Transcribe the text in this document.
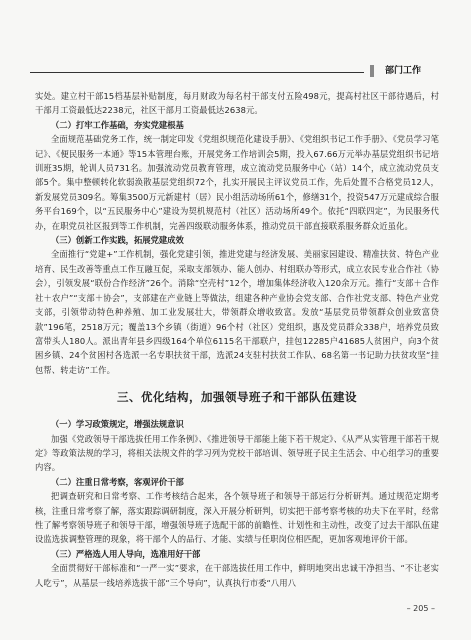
部门工作

实处。建立村干部15档基层补贴制度，每月财政为每名村干部支付五险498元，提高村社区干部待遇后，村干部月工资最低达2238元，社区干部月工资最低达2638元。

（二）打牢工作基础，夯实党建根基

全面规范基础党务工作，统一制定印发《党组织规范化建设手册》、《党组织书记工作手册》、《党员学习笔记》、《便民服务一本通》等15本管理台账，开展党务工作培训会5期，投入67.66万元举办基层党组织书记培训班35期，轮训人员731名。加强流动党员教育管理，成立流动党员服务中心（站）14个，成立流动党员支部5个。集中整顿转化软弱涣散基层党组织72个，扎实开展民主评议党员工作，先后处置不合格党员12人，新发展党员309名。筹集3500万元新建村（居）民小组活动场所61个，修缮31个，投资547万元建成综合服务平台169个，以“五民服务中心”建设为契机规范村（社区）活动场所49个。依托“四联四定”，为民服务代办，在职党员社区报到等工作机制，完善四级联动服务体系，推动党员干部直接联系服务群众近虽化。

（三）创新工作实践，拓展党建成效

全面推行“党建+”工作机制，强化党建引领，推进党建与经济发展、美丽家园建设、精准扶贫、特色产业培育、民生改善等重点工作互融互促，采取支部领办、能人创办、村组联办等形式，成立农民专业合作社（协会），引领发展“联份合作经济”26个。消除“空壳村”12个，增加集体经济收入120余万元。推行“支部＋合作社＋农户”“支部＋协会”，支部建在产业链上等做法，组建各种产业协会党支部、合作社党支部、特色产业党支部，引领带动特色种养殖、加工业发展壮大，带领群众增收致富。发放“基层党员带领群众创业致富贷款”196笔，2518万元；覆盖13个乡镇（街道）96个村（社区）党组织，惠及党员群众338户，培养党员致富带头人180人。派出青年县乡四级164个单位6115名干部联户，挂包12285户41685人贫困户，向3个贫困乡镇、24个贫困村各选派一名专职扶贫干部，选派24支驻村扶贫工作队、68名第一书记助力扶贫攻坚“挂包帮、转走访”工作。

三、优化结构，加强领导班子和干部队伍建设
（一）学习政策规定，增强法规意识

加强《党政领导干部选拔任用工作条例》、《推进领导干部能上能下若干规定》、《从严从实管理干部若干规定》等政策法规的学习，将相关法规文件的学习列为党校干部培训、领导班子民主生活会、中心组学习的重要内容。

（二）注重日常考察，客观评价干部

把调查研究和日常考察、工作考核结合起来，各个领导班子和领导干部运行分析研判。通过规范定期考核，注重日常考察了解，落实跟踪调研制度，深入开展分析研判，切实把干部考察考核的功夫下在平时，经常性了解考察领导班子和领导干部，增强领导班子选配干部的前瞻性、计划性和主动性，改变了过去干部队伍建设监选拔调整管理的现象，将干部个人的品行、才能、实绩与任职岗位相匹配，更加客观地评价干部。

（三）严格选人用人导向，选准用好干部

全面贯彻好干部标准和“一严一实”要求，在干部选拔任用工作中，鲜明地突出忠诚干净担当、“不让老实人吃亏”，从基层一线培养选拔干部“三个导向”，认真执行市委“八用八

– 205 –
